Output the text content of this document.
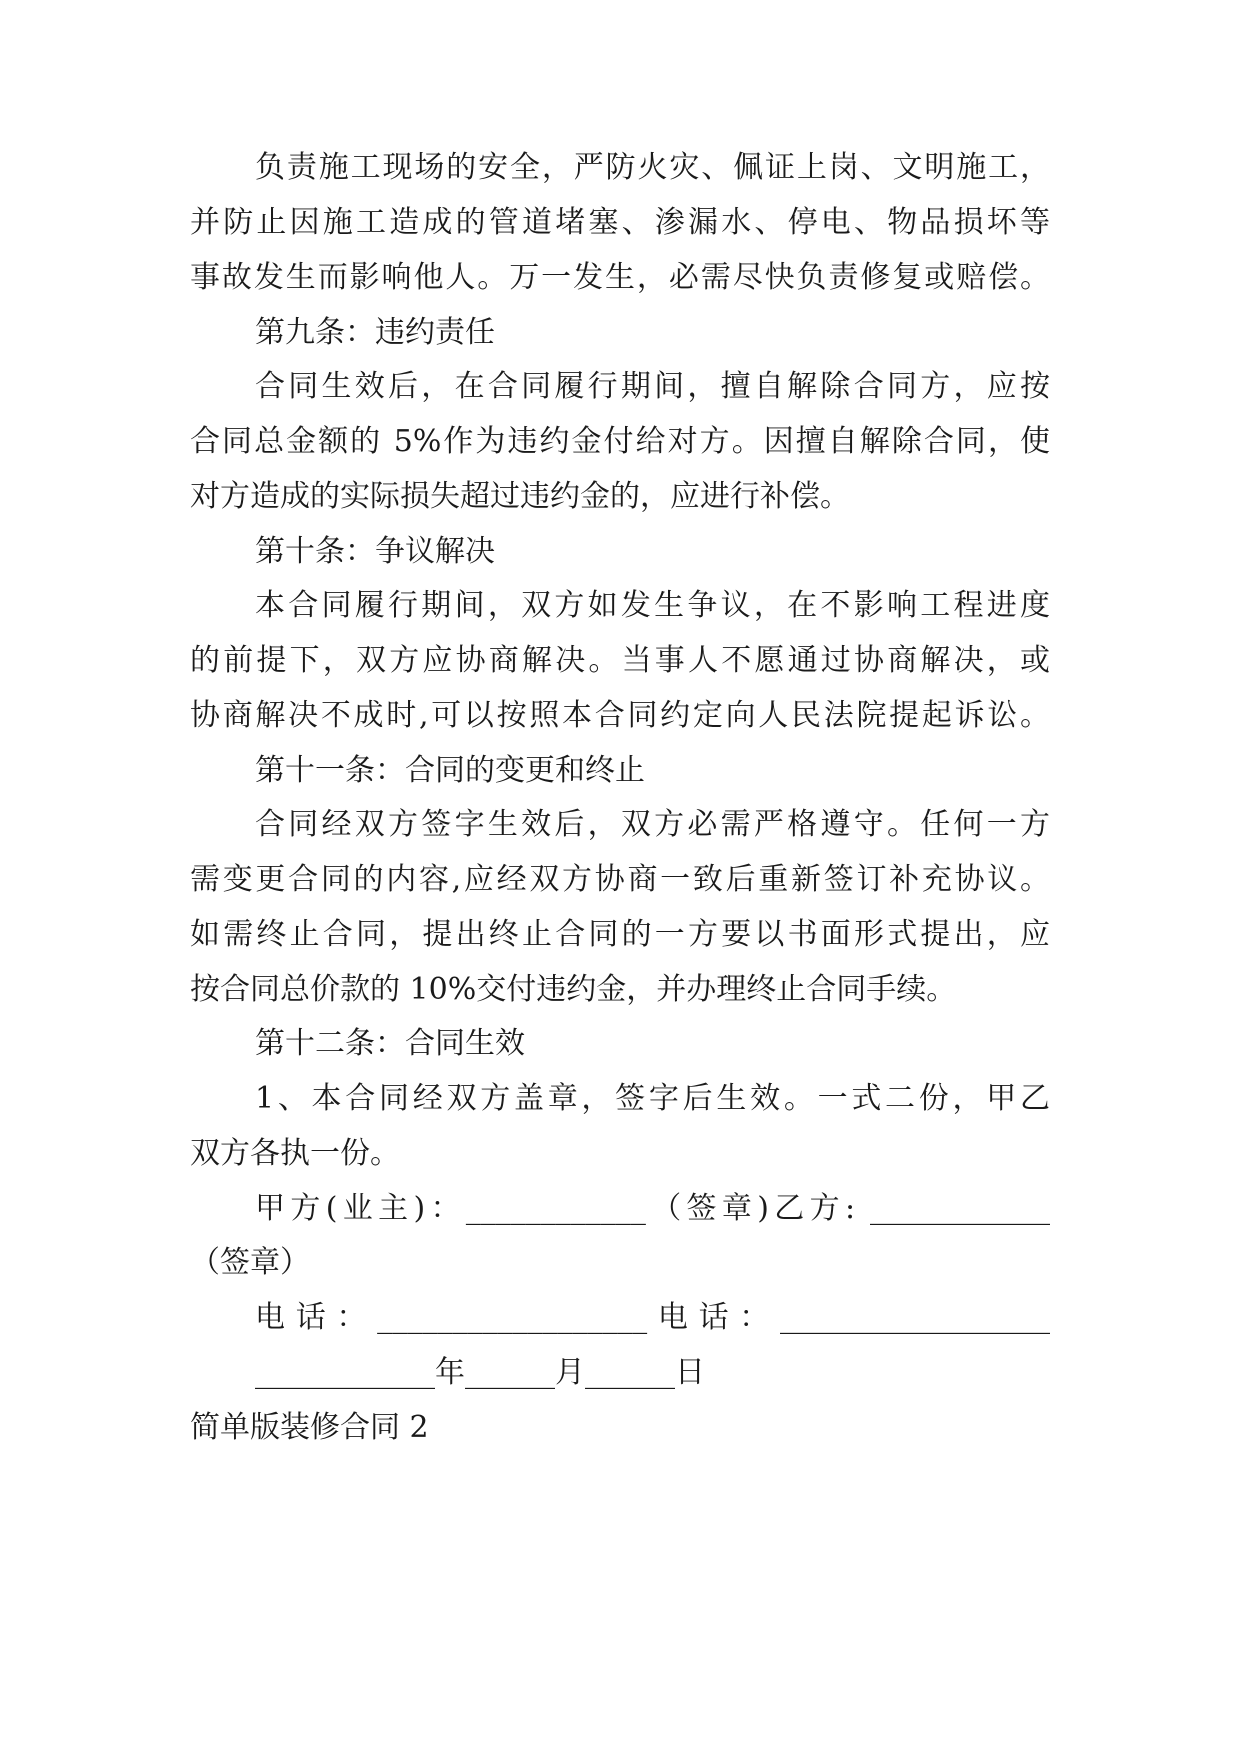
负责施工现场的安全，严防火灾、佩证上岗、文明施工，
并防止因施工造成的管道堵塞、渗漏水、停电、物品损坏等
事故发生而影响他人。万一发生，必需尽快负责修复或赔偿。
第九条：违约责任
合同生效后，在合同履行期间，擅自解除合同方，应按
合同总金额的 5%作为违约金付给对方。因擅自解除合同，使
对方造成的实际损失超过违约金的，应进行补偿。
第十条：争议解决
本合同履行期间，双方如发生争议，在不影响工程进度
的前提下，双方应协商解决。当事人不愿通过协商解决，或
协商解决不成时,可以按照本合同约定向人民法院提起诉讼。
第十一条：合同的变更和终止
合同经双方签字生效后，双方必需严格遵守。任何一方
需变更合同的内容,应经双方协商一致后重新签订补充协议。
如需终止合同，提出终止合同的一方要以书面形式提出，应
按合同总价款的 10%交付违约金，并办理终止合同手续。
第十二条：合同生效
1、本合同经双方盖章，签字后生效。一式二份，甲乙
双方各执一份。
甲方(业主)：____________（签章)乙方: ____________
（签章）
电话：__________________电话：__________________
____________年______月______日
简单版装修合同 2
